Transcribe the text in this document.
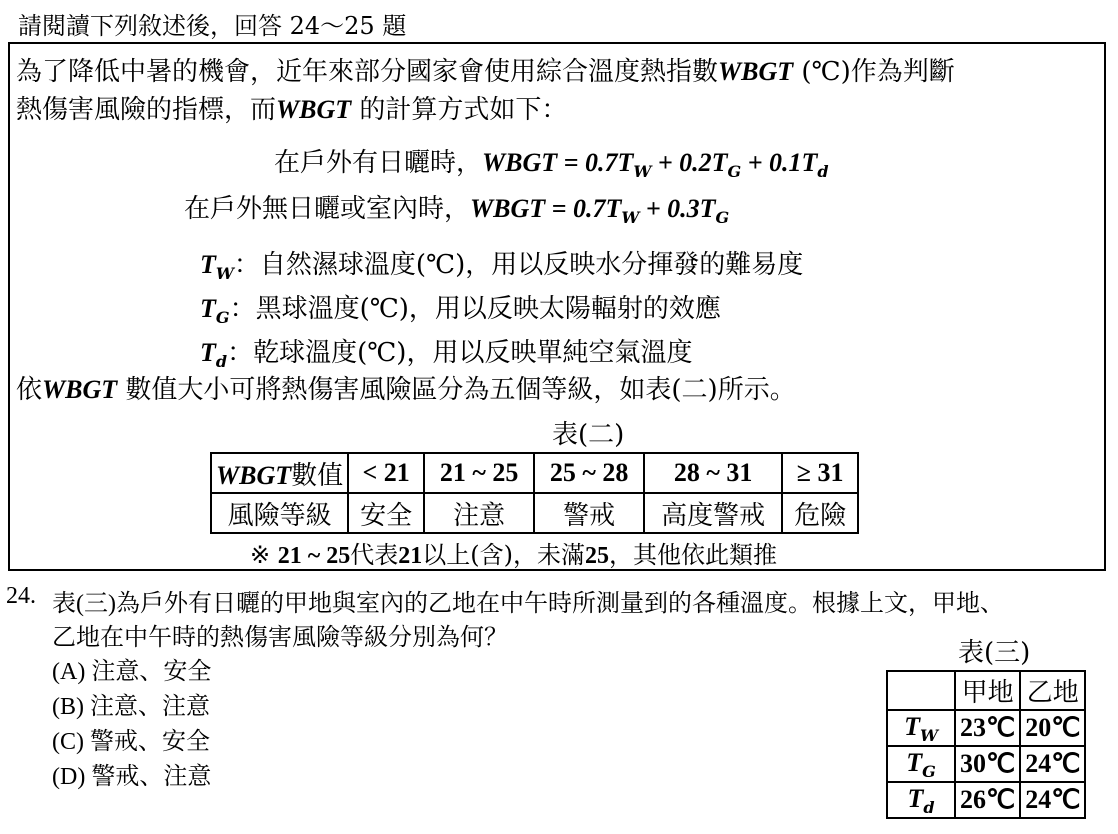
請閱讀下列敘述後，回答 24～25 題
為了降低中暑的機會，近年來部分國家會使用綜合溫度熱指數WBGT (℃)作為判斷
熱傷害風險的指標，而WBGT 的計算方式如下：
在戶外有日曬時，WBGT = $0.7T_W + 0.2T_G + 0.1T_d$
在戶外無日曬或室內時，WBGT = $0.7T_W + 0.3T_G$
$T_W$：自然濕球溫度(℃)，用以反映水分揮發的難易度
$T_G$：黑球溫度(℃)，用以反映太陽輻射的效應
$T_d$：乾球溫度(℃)，用以反映單純空氣溫度
依WBGT 數值大小可將熱傷害風險區分為五個等級，如表(二)所示。
表(二)
WBGT數值	< 21	21 ~ 25	25 ~ 28	28 ~ 31	≥ 31
風險等級	安全	注意	警戒	高度警戒	危險
※ 21 ~ 25代表21以上(含)，未滿25，其他依此類推
24. 表(三)為戶外有日曬的甲地與室內的乙地在中午時所測量到的各種溫度。根據上文，甲地、
乙地在中午時的熱傷害風險等級分別為何？
(A) 注意、安全
(B) 注意、注意
(C) 警戒、安全
(D) 警戒、注意
表(三)
	甲地	乙地
$T_W$	23℃	20℃
$T_G$	30℃	24℃
$T_d$	26℃	24℃
